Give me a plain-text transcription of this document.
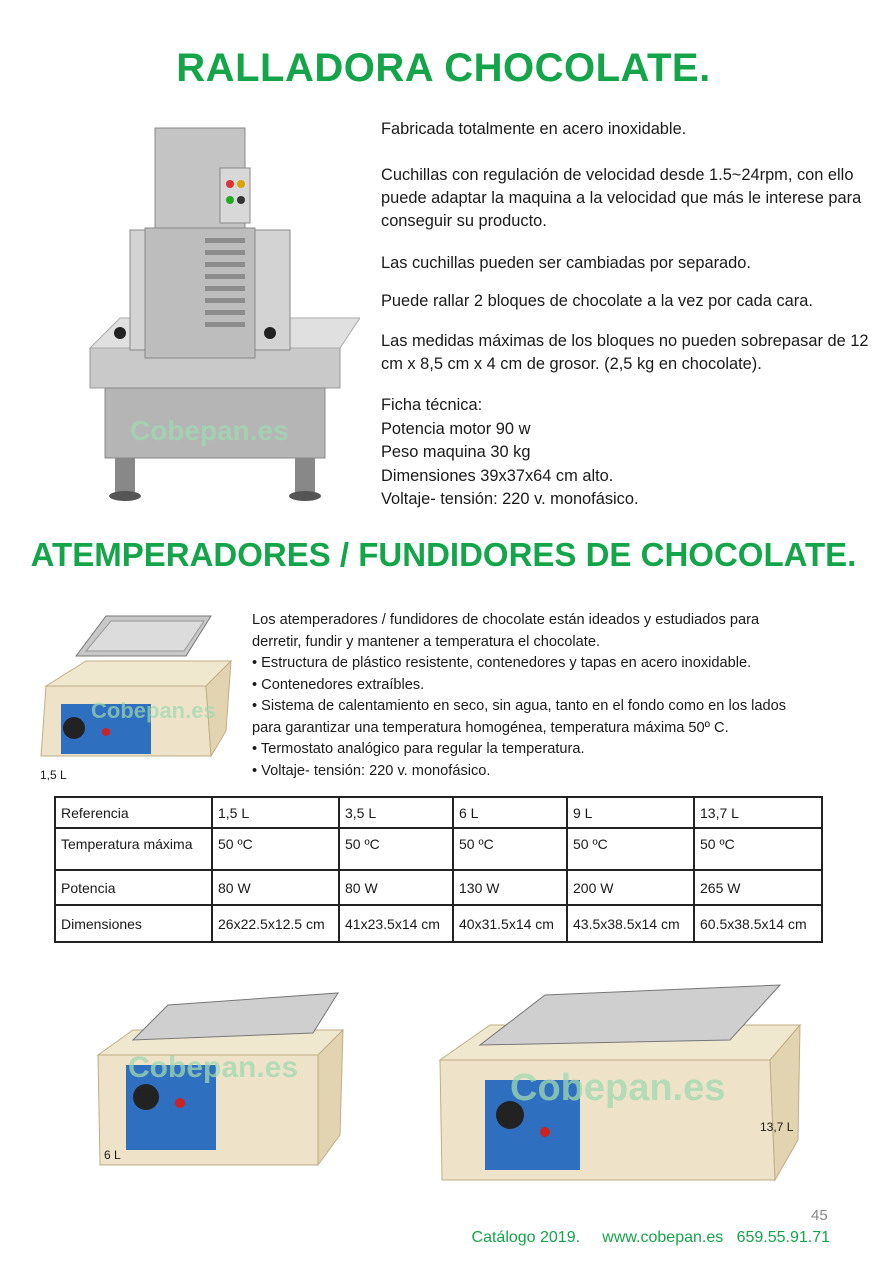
RALLADORA CHOCOLATE.
Cobepan.es

Fabricada totalmente en acero inoxidable.

Cuchillas con regulación de velocidad desde 1.5~24rpm, con ello puede adaptar la maquina a la velocidad que más le interese para conseguir su producto.

Las cuchillas pueden ser cambiadas por separado.

Puede rallar 2 bloques de chocolate a la vez por cada cara.

Las medidas máximas de los bloques no pueden sobrepasar de 12 cm x 8,5 cm x 4 cm de grosor. (2,5 kg en chocolate).

Ficha técnica:
Potencia motor 90 w
Peso maquina 30 kg
Dimensiones 39x37x64 cm alto.
Voltaje- tensión: 220 v. monofásico.
ATEMPERADORES / FUNDIDORES DE CHOCOLATE.
Cobepan.es
1,5 L
Los atemperadores / fundidores de chocolate están ideados y estudiados para
derretir, fundir y mantener a temperatura el chocolate.
• Estructura de plástico resistente, contenedores y tapas en acero inoxidable.
• Contenedores extraíbles.
• Sistema de calentamiento en seco, sin agua, tanto en el fondo como en los lados
para garantizar una temperatura homogénea, temperatura máxima 50º C.
• Termostato analógico para regular la temperatura.
• Voltaje- tensión: 220 v. monofásico.
Referencia	1,5 L	3,5 L	6 L	9 L	13,7 L
Temperatura máxima	50 ºC	50 ºC	50 ºC	50 ºC	50 ºC
Potencia	80 W	80 W	130 W	200 W	265 W
Dimensiones	26x22.5x12.5 cm	41x23.5x14 cm	40x31.5x14 cm	43.5x38.5x14 cm	60.5x38.5x14 cm
Cobepan.es
6 L
Cobepan.es
13,7 L
45
Catálogo 2019.     www.cobepan.es   659.55.91.71
